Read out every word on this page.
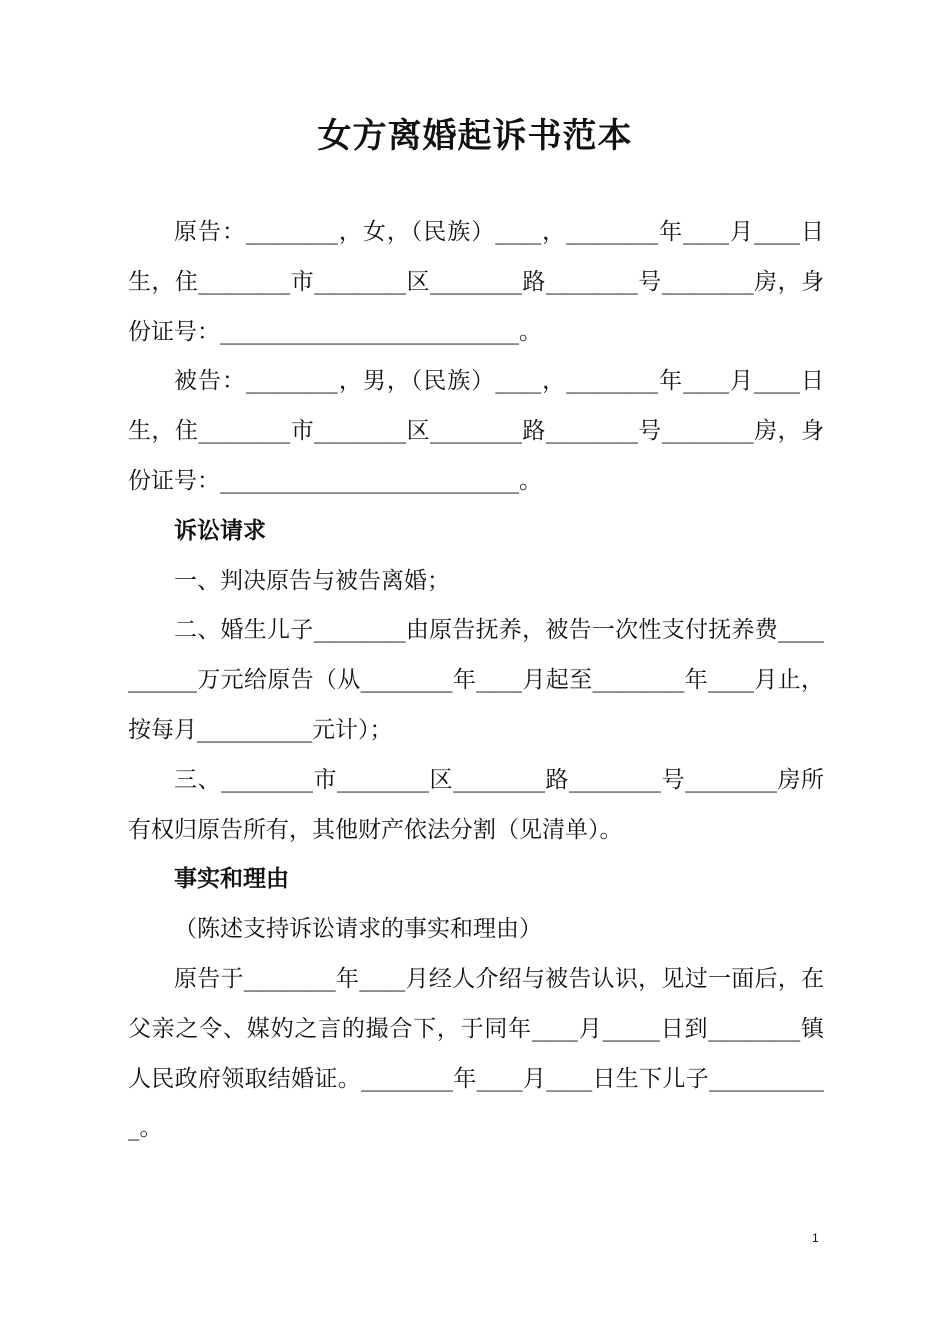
女方离婚起诉书范本

原告：________，女，（民族）____，________年____月____日生，住________市________区________路________号________房，身份证号：__________________________。

被告：________，男，（民族）____，________年____月____日生，住________市________区________路________号________房，身份证号：__________________________。

诉讼请求

一、判决原告与被告离婚；

二、婚生儿子________由原告抚养，被告一次性支付抚养费__________万元给原告（从________年____月起至________年____月止，按每月__________元计）；

三、________市________区________路________号________房所有权归原告所有，其他财产依法分割（见清单）。

事实和理由

（陈述支持诉讼请求的事实和理由）

原告于________年____月经人介绍与被告认识，见过一面后，在父亲之令、媒妁之言的撮合下，于同年____月_____日到________镇人民政府领取结婚证。________年____月____日生下儿子___________。

1
